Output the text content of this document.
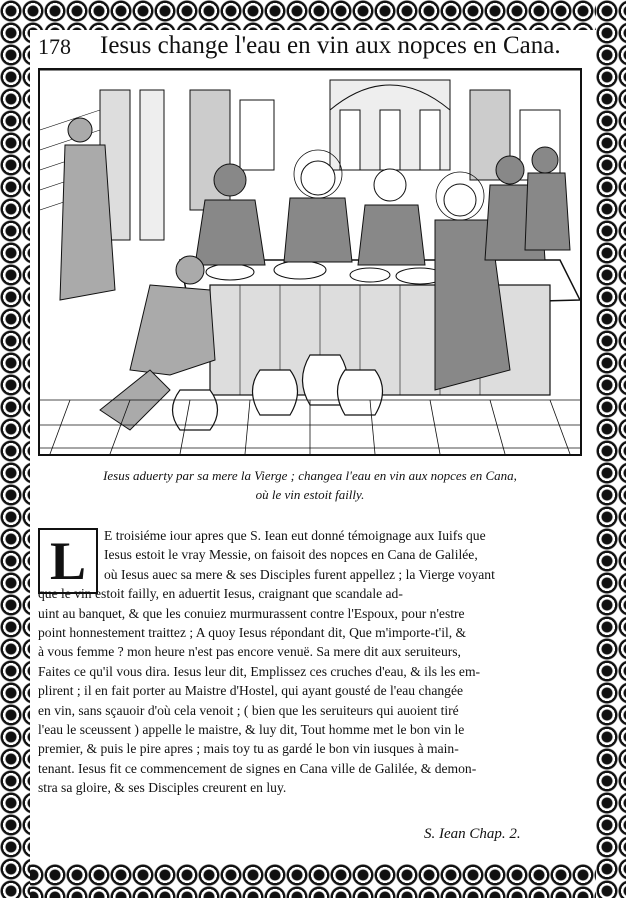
178 Iesus change l'eau en vin aux nopces en Cana.
Iesus aduerty par sa mere la Vierge ; changea l'eau en vin aux nopces en Cana,
où le vin estoit failly.
L	E troisiéme iour apres que S. Iean eut donné témoignage aux Iuifs que
Iesus estoit le vray Messie, on faisoit des nopces en Cana de Galilée,
où Iesus auec sa mere & ses Disciples furent appellez ; la Vierge voyant
que le vin estoit failly, en aduertit Iesus, craignant que scandale ad-
uint au banquet, & que les conuiez murmurassent contre l'Espoux, pour n'estre
point honnestement traittez ; A quoy Iesus répondant dit, Que m'importe-t'il, &
à vous femme ? mon heure n'est pas encore venuë. Sa mere dit aux seruiteurs,
Faites ce qu'il vous dira. Iesus leur dit, Emplissez ces cruches d'eau, & ils les em-
plirent ; il en fait porter au Maistre d'Hostel, qui ayant gousté de l'eau changée
en vin, sans sçauoir d'où cela venoit ; ( bien que les seruiteurs qui auoient tiré
l'eau le sceussent ) appelle le maistre, & luy dit, Tout homme met le bon vin le
premier, & puis le pire apres ; mais toy tu as gardé le bon vin iusques à main-
tenant. Iesus fit ce commencement de signes en Cana ville de Galilée, & demon-
stra sa gloire, & ses Disciples creurent en luy.
S. Iean Chap. 2.
